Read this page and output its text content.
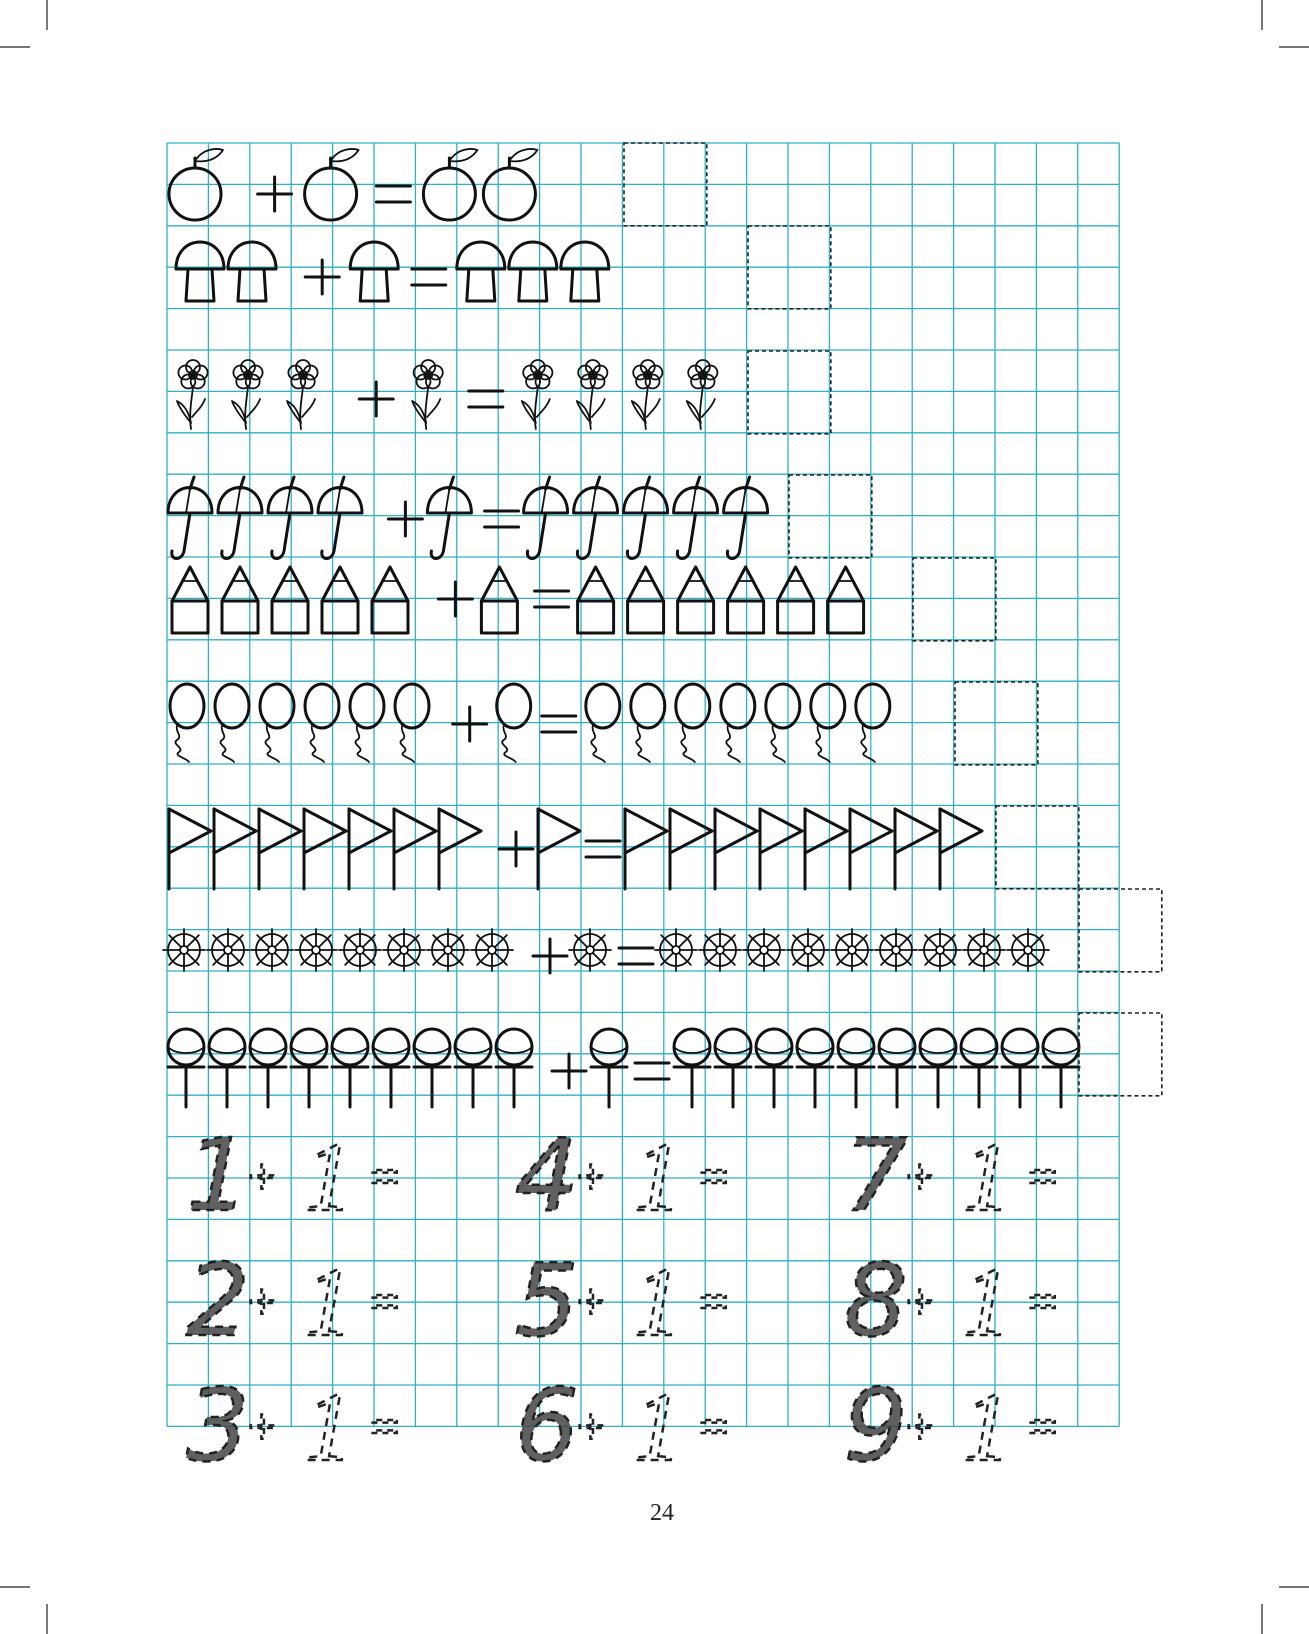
1
+ 1 = 4
+ 1 = 7
+ 1 =
2
+ 1 = 5
+ 1 = 8
+ 1 =
3
+ 1 = 6
+ 1 = 9
+ 1 =
24
